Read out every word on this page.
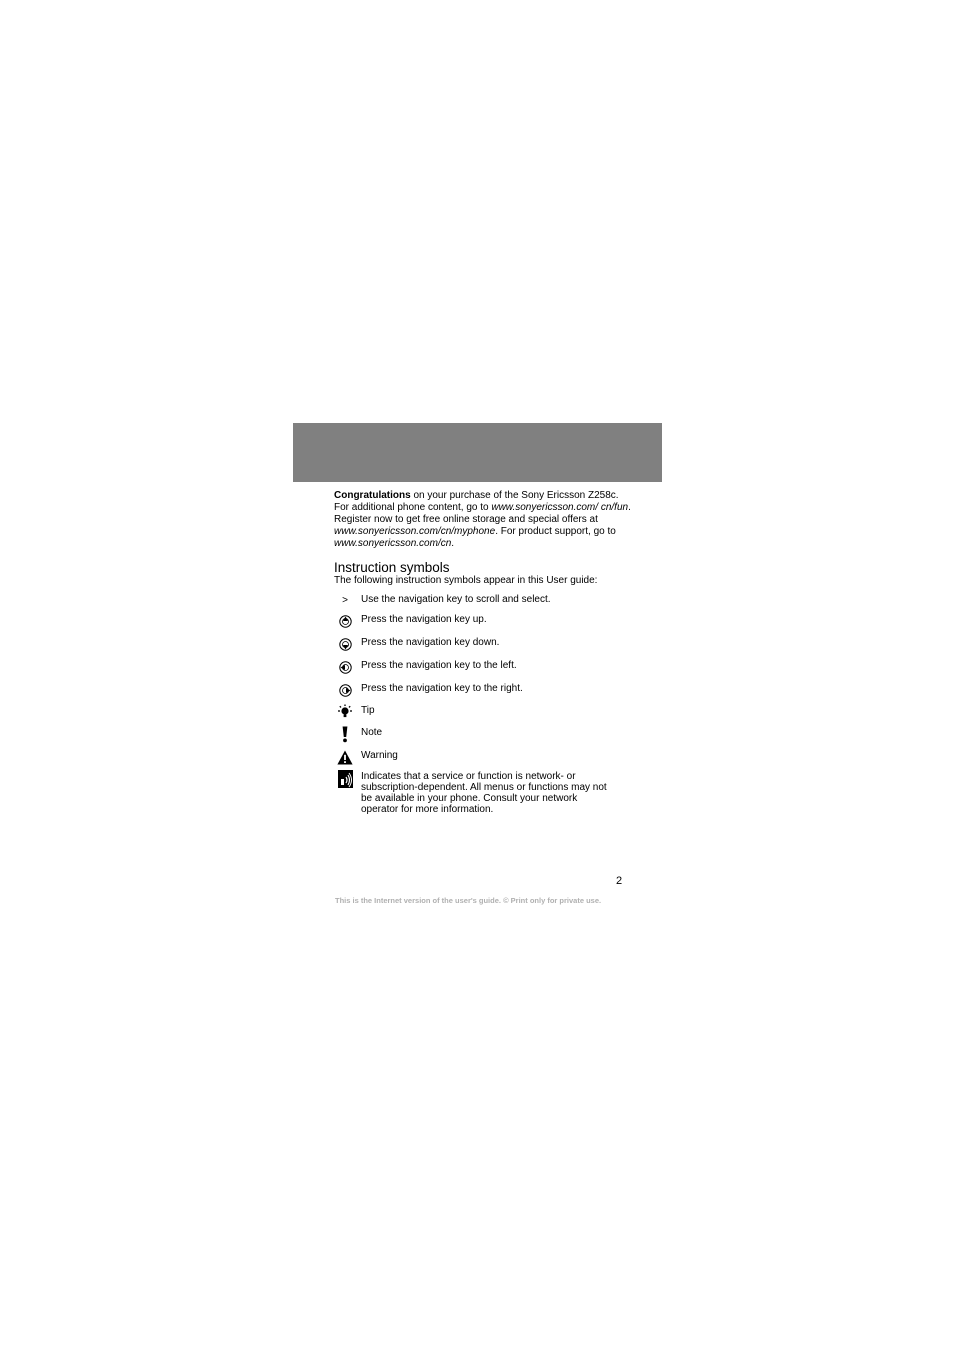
Congratulations on your purchase of the Sony Ericsson Z258c. For additional phone content, go to www.sonyericsson.com/ cn/fun. Register now to get free online storage and special offers at www.sonyericsson.com/cn/myphone. For product support, go to www.sonyericsson.com/cn.
Instruction symbols
The following instruction symbols appear in this User guide:
> Use the navigation key to scroll and select.
Press the navigation key up.
Press the navigation key down.
Press the navigation key to the left.
Press the navigation key to the right.
Tip
Note
Warning
Indicates that a service or function is network- or subscription-dependent. All menus or functions may not be available in your phone. Consult your network operator for more information.
2
This is the Internet version of the user's guide. © Print only for private use.
